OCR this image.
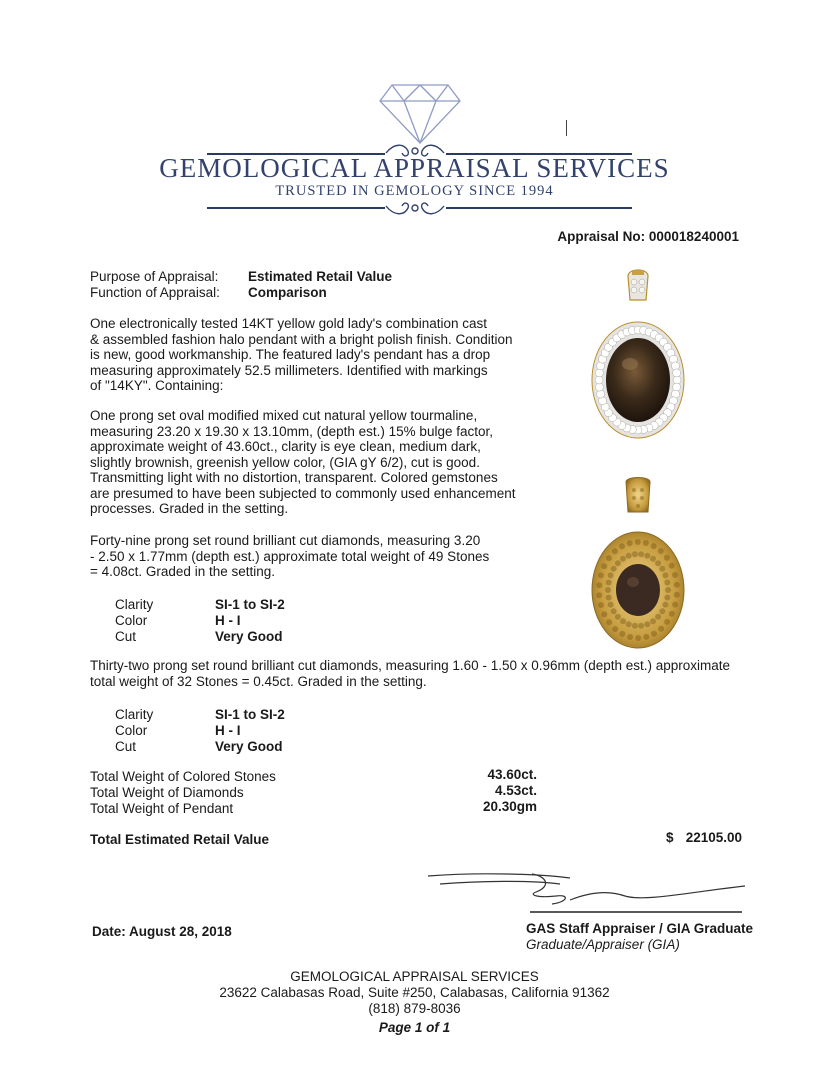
GEMOLOGICAL APPRAISAL SERVICES
TRUSTED IN GEMOLOGY SINCE 1994
Appraisal No: 000018240001
Purpose of Appraisal: Estimated Retail Value
Function of Appraisal: Comparison
One electronically tested 14KT yellow gold lady's combination cast
& assembled fashion halo pendant with a bright polish finish. Condition
is new, good workmanship. The featured lady's pendant has a drop
measuring approximately 52.5 millimeters. Identified with markings
of "14KY". Containing:
One prong set oval modified mixed cut natural yellow tourmaline,
measuring 23.20 x 19.30 x 13.10mm, (depth est.) 15% bulge factor,
approximate weight of 43.60ct., clarity is eye clean, medium dark,
slightly brownish, greenish yellow color, (GIA gY 6/2), cut is good.
Transmitting light with no distortion, transparent. Colored gemstones
are presumed to have been subjected to commonly used enhancement
processes. Graded in the setting.
Forty-nine prong set round brilliant cut diamonds, measuring 3.20
- 2.50 x 1.77mm (depth est.) approximate total weight of 49 Stones
= 4.08ct. Graded in the setting.
Clarity	SI-1 to SI-2
Color	H - I
Cut	Very Good
Thirty-two prong set round brilliant cut diamonds, measuring 1.60 - 1.50 x 0.96mm (depth est.) approximate
total weight of 32 Stones = 0.45ct. Graded in the setting.
Clarity	SI-1 to SI-2
Color	H - I
Cut	Very Good
Total Weight of Colored Stones	43.60ct.
Total Weight of Diamonds	4.53ct.
Total Weight of Pendant	20.30gm
Total Estimated Retail Value	$ 22105.00
Date: August 28, 2018	GAS Staff Appraiser / GIA Graduate
Graduate/Appraiser (GIA)
GEMOLOGICAL APPRAISAL SERVICES
23622 Calabasas Road, Suite #250, Calabasas, California 91362
(818) 879-8036
Page 1 of 1
